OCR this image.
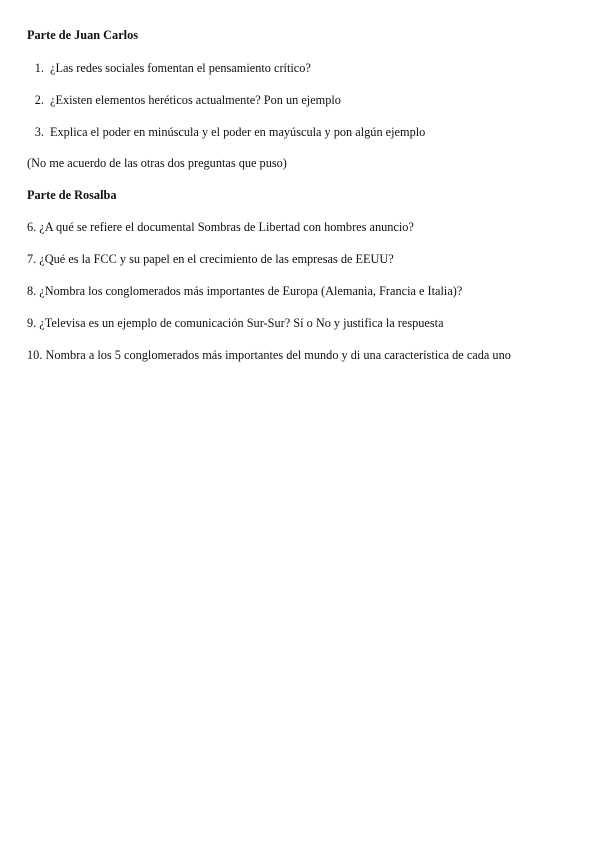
Parte de Juan Carlos
1. ¿Las redes sociales fomentan el pensamiento crítico?
2. ¿Existen elementos heréticos actualmente? Pon un ejemplo
3. Explica el poder en minúscula y el poder en mayúscula y pon algún ejemplo
(No me acuerdo de las otras dos preguntas que puso)
Parte de Rosalba
6. ¿A qué se refiere el documental Sombras de Libertad con hombres anuncio?
7. ¿Qué es la FCC y su papel en el crecimiento de las empresas de EEUU?
8. ¿Nombra los conglomerados más importantes de Europa (Alemania, Francia e Italia)?
9. ¿Televisa es un ejemplo de comunicación Sur-Sur? Sí o No y justifica la respuesta
10. Nombra a los 5 conglomerados más importantes del mundo y di una característica de cada uno
